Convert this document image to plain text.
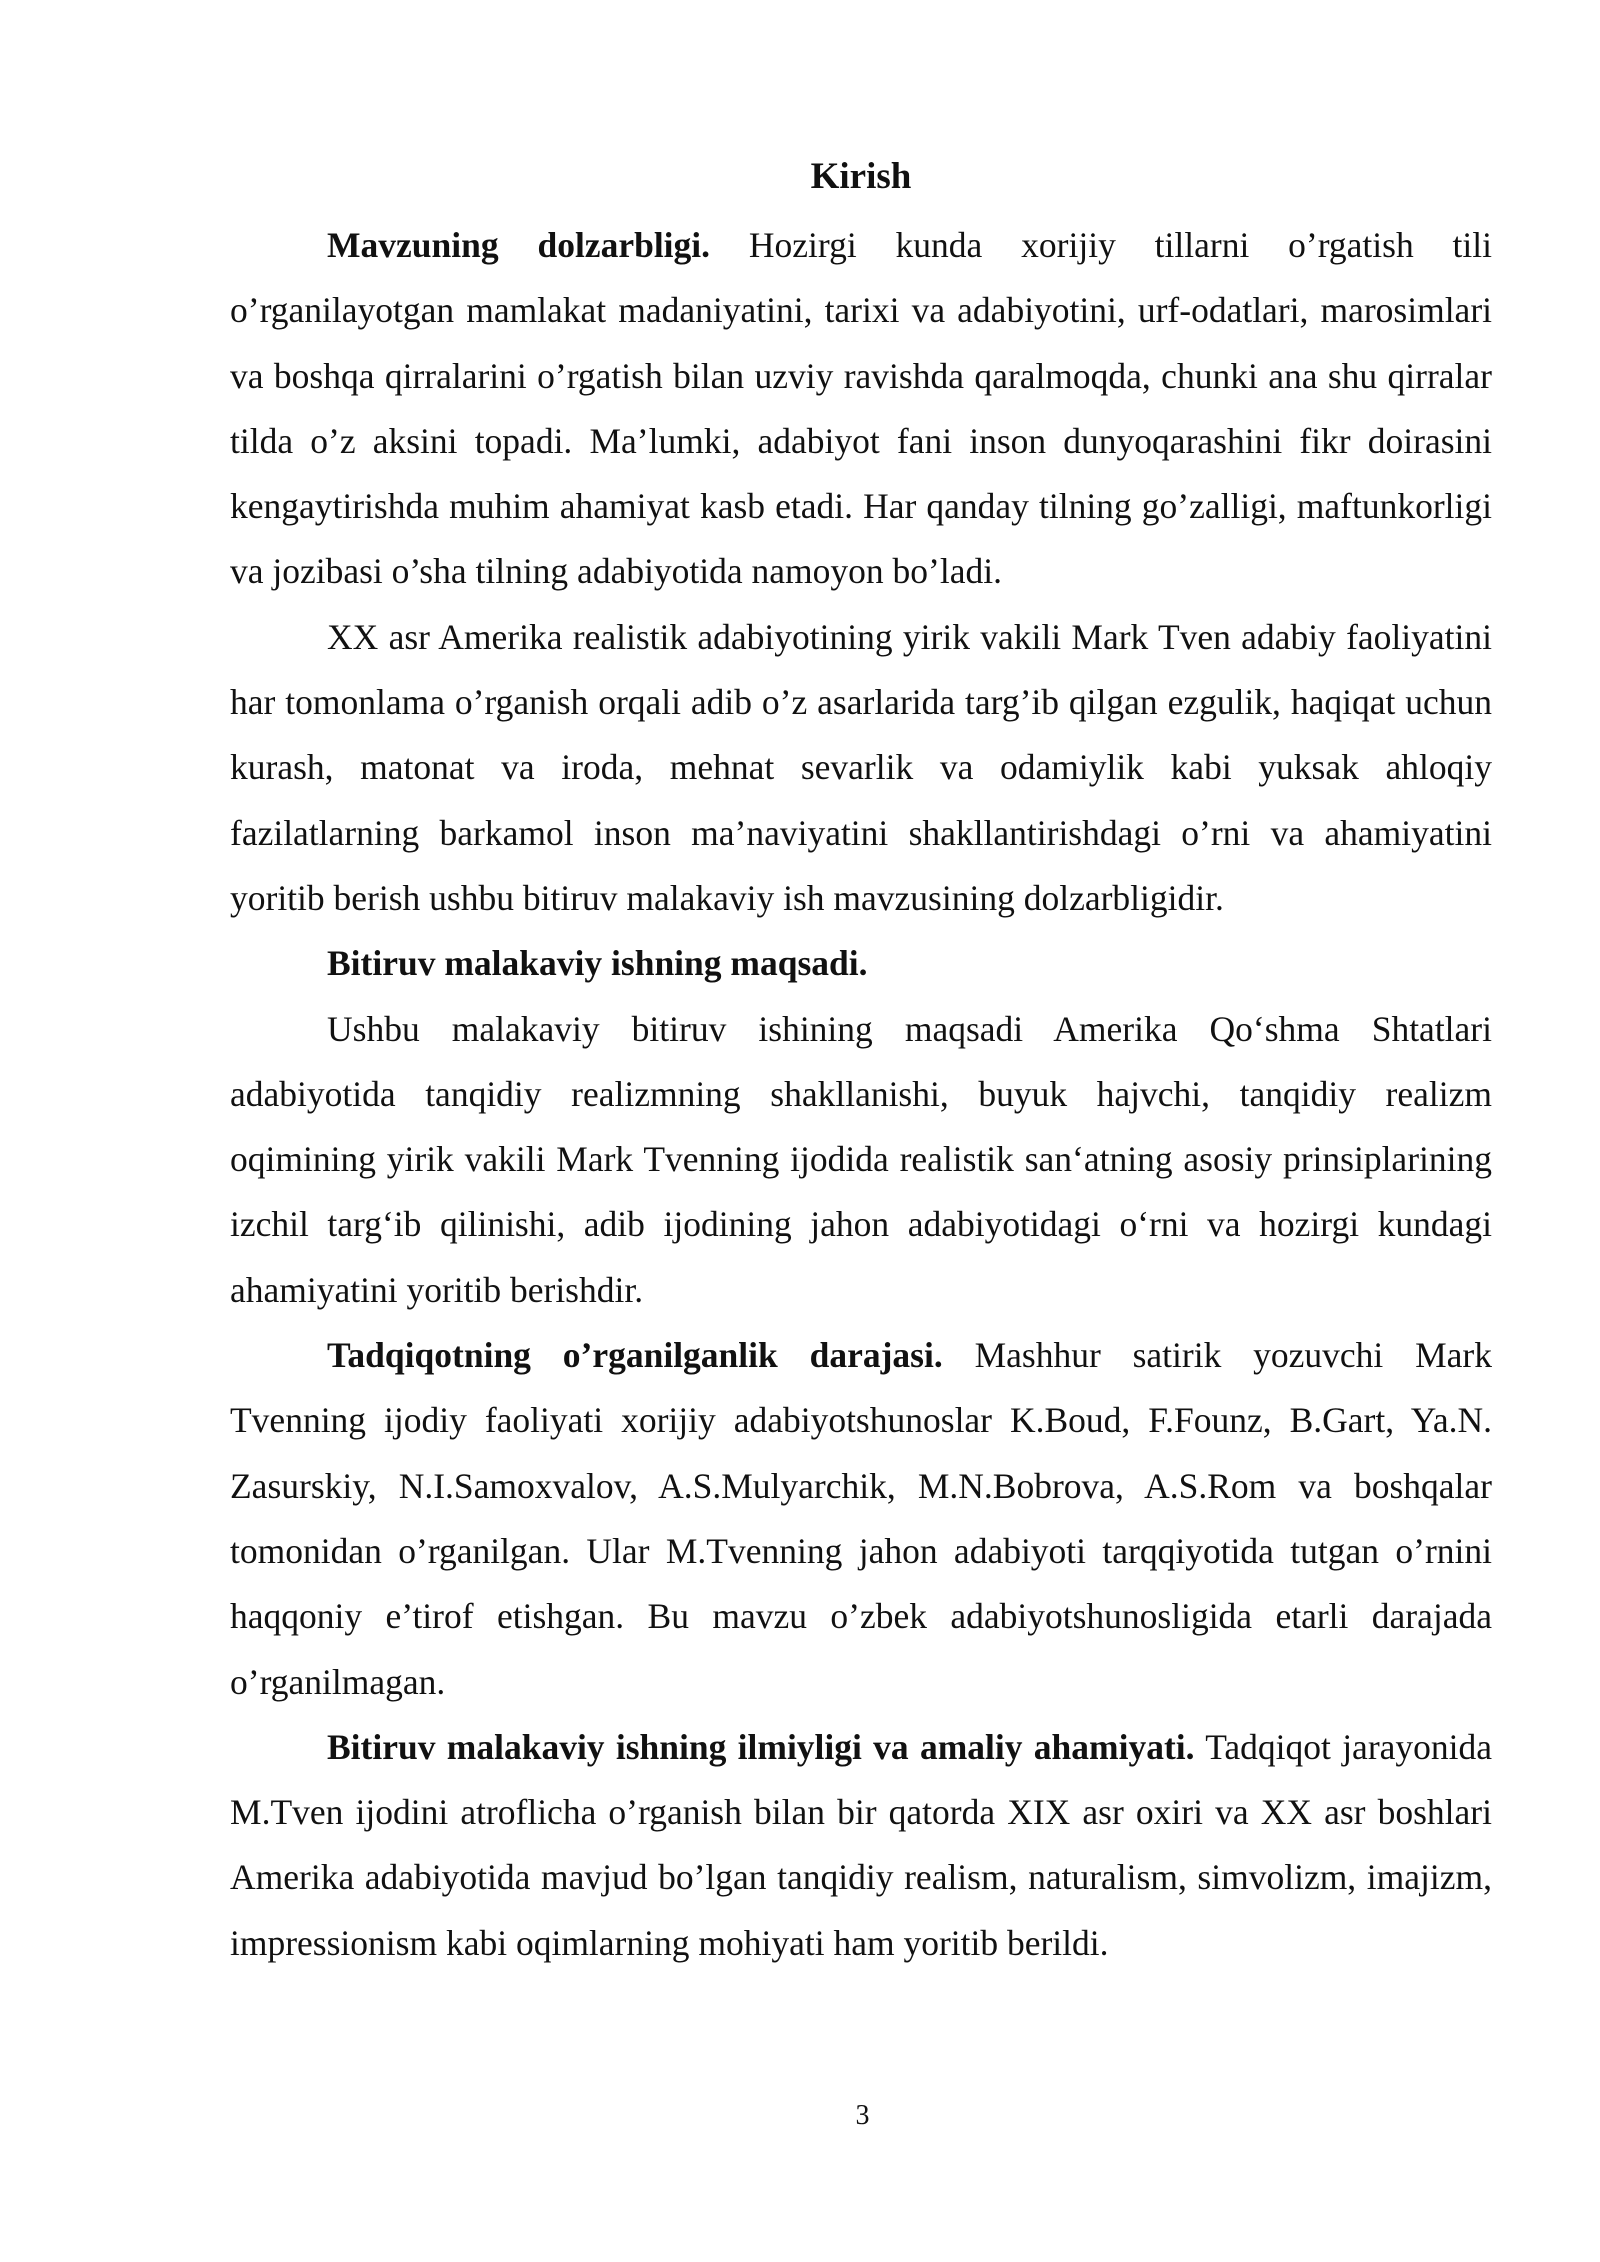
Kirish

Mavzuning dolzarbligi. Hozirgi kunda xorijiy tillarni o’rgatish tili o’rganilayotgan mamlakat madaniyatini, tarixi va adabiyotini, urf-odatlari, marosimlari va boshqa qirralarini o’rgatish bilan uzviy ravishda qaralmoqda, chunki ana shu qirralar tilda o’z aksini topadi. Ma’lumki, adabiyot fani inson dunyoqarashini fikr doirasini kengaytirishda muhim ahamiyat kasb etadi. Har qanday tilning go’zalligi, maftunkorligi va jozibasi o’sha tilning adabiyotida namoyon bo’ladi.

XX asr Amerika realistik adabiyotining yirik vakili Mark Tven adabiy faoliyatini har tomonlama o’rganish orqali adib o’z asarlarida targ’ib qilgan ezgulik, haqiqat uchun kurash, matonat va iroda, mehnat sevarlik va odamiylik kabi yuksak ahloqiy fazilatlarning barkamol inson ma’naviyatini shakllantirishdagi o’rni va ahamiyatini yoritib berish ushbu bitiruv malakaviy ish mavzusining dolzarbligidir.

Bitiruv malakaviy ishning maqsadi.

Ushbu malakaviy bitiruv ishining maqsadi Amerika Qo‘shma Shtatlari adabiyotida tanqidiy realizmning shakllanishi, buyuk hajvchi, tanqidiy realizm oqimining yirik vakili Mark Tvenning ijodida realistik san‘atning asosiy prinsiplarining izchil targ‘ib qilinishi, adib ijodining jahon adabiyotidagi o‘rni va hozirgi kundagi ahamiyatini yoritib berishdir.

Tadqiqotning o’rganilganlik darajasi. Mashhur satirik yozuvchi Mark Tvenning ijodiy faoliyati xorijiy adabiyotshunoslar K.Boud, F.Founz, B.Gart, Ya.N. Zasurskiy, N.I.Samoxvalov, A.S.Mulyarchik, M.N.Bobrova, A.S.Rom va boshqalar tomonidan o’rganilgan. Ular M.Tvenning jahon adabiyoti tarqqiyotida tutgan o’rnini haqqoniy e’tirof etishgan. Bu mavzu o’zbek adabiyotshunosligida etarli darajada o’rganilmagan.

Bitiruv malakaviy ishning ilmiyligi va amaliy ahamiyati. Tadqiqot jarayonida M.Tven ijodini atroflicha o’rganish bilan bir qatorda XIX asr oxiri va XX asr boshlari Amerika adabiyotida mavjud bo’lgan tanqidiy realism, naturalism, simvolizm, imajizm, impressionism kabi oqimlarning mohiyati ham yoritib berildi.

3
